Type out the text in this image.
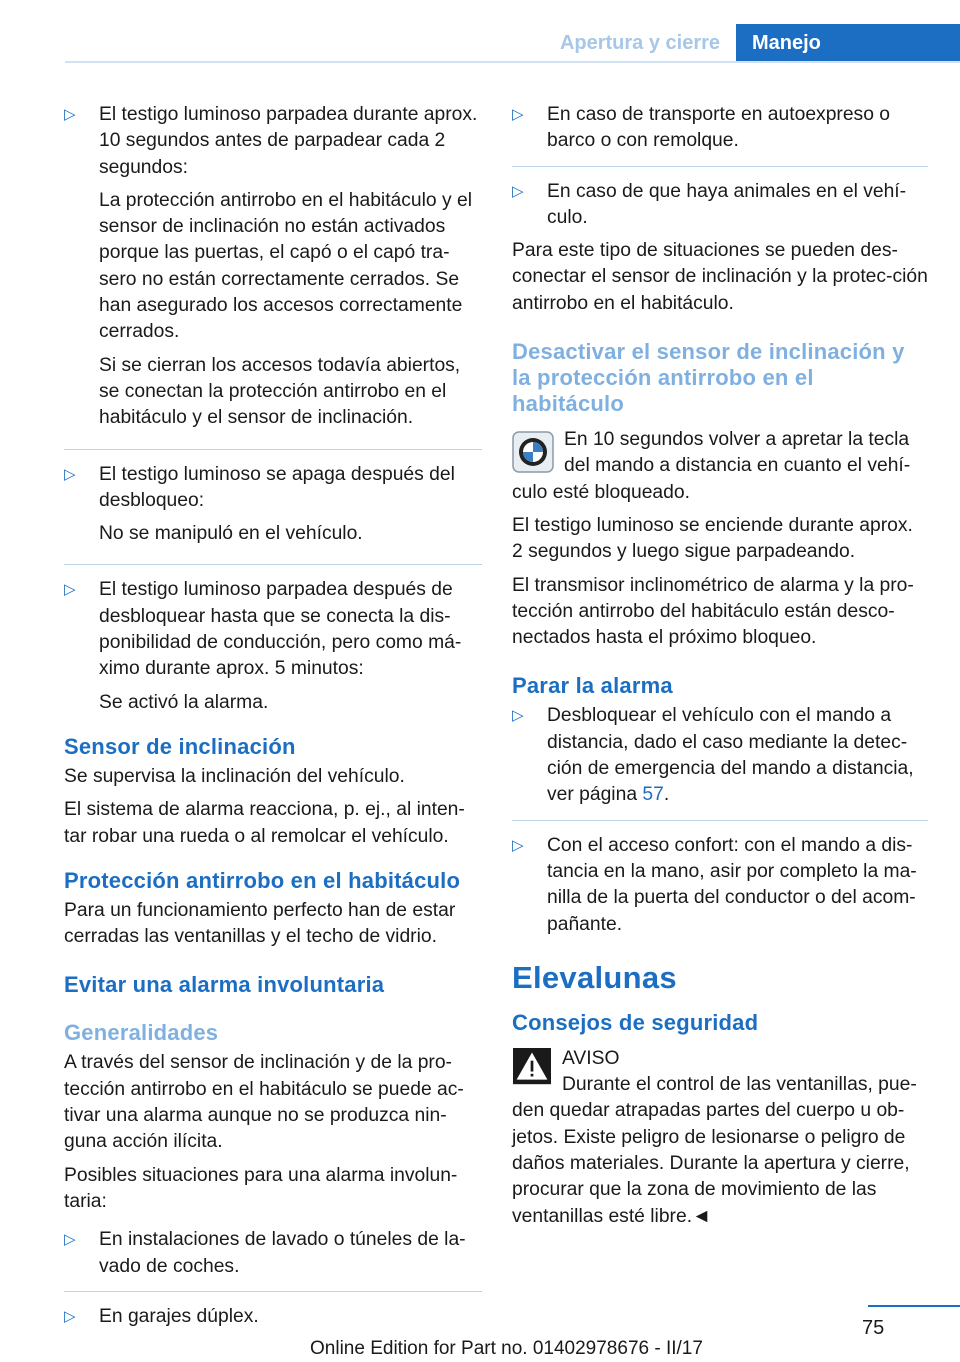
Apertura y cierre	Manejo
▷ El testigo luminoso parpadea durante aprox. 10 segundos antes de parpadear cada 2 segundos:

La protección antirrobo en el habitáculo y el sensor de inclinación no están activados porque las puertas, el capó o el capó tra‐sero no están correctamente cerrados. Se han asegurado los accesos correctamente cerrados.

Si se cierran los accesos todavía abiertos, se conectan la protección antirrobo en el habitáculo y el sensor de inclinación.

▷ El testigo luminoso se apaga después del desbloqueo:

No se manipuló en el vehículo.

▷ El testigo luminoso parpadea después de desbloquear hasta que se conecta la dis‐ponibilidad de conducción, pero como má‐ximo durante aprox. 5 minutos:

Se activó la alarma.

Sensor de inclinación

Se supervisa la inclinación del vehículo.

El sistema de alarma reacciona, p. ej., al inten‐tar robar una rueda o al remolcar el vehículo.

Protección antirrobo en el habitáculo

Para un funcionamiento perfecto han de estar cerradas las ventanillas y el techo de vidrio.

Evitar una alarma involuntaria
Generalidades

A través del sensor de inclinación y de la pro‐tección antirrobo en el habitáculo se puede ac‐tivar una alarma aunque no se produzca nin‐guna acción ilícita.

Posibles situaciones para una alarma involun‐taria:

▷ En instalaciones de lavado o túneles de la‐vado de coches.
▷ En garajes dúplex.
▷ En caso de transporte en autoexpreso o barco o con remolque.
▷ En caso de que haya animales en el vehí‐culo.

Para este tipo de situaciones se pueden des‐conectar el sensor de inclinación y la protec‐ción antirrobo en el habitáculo.

Desactivar el sensor de inclinación y la protección antirrobo en el habitáculo

En 10 segundos volver a apretar la tecla del mando a distancia en cuanto el vehí‐culo esté bloqueado.

El testigo luminoso se enciende durante aprox. 2 segundos y luego sigue parpadeando.

El transmisor inclinométrico de alarma y la pro‐tección antirrobo del habitáculo están desco‐nectados hasta el próximo bloqueo.

Parar la alarma
▷ Desbloquear el vehículo con el mando a distancia, dado el caso mediante la detec‐ción de emergencia del mando a distancia, ver página 57.
▷ Con el acceso confort: con el mando a dis‐tancia en la mano, asir por completo la ma‐nilla de la puerta del conductor o del acom‐pañante.
Elevalunas
Consejos de seguridad

AVISO
Durante el control de las ventanillas, pue‐den quedar atrapadas partes del cuerpo u ob‐jetos. Existe peligro de lesionarse o peligro de daños materiales. Durante la apertura y cierre, procurar que la zona de movimiento de las ventanillas esté libre.◄

75
Online Edition for Part no. 01402978676 - II/17
